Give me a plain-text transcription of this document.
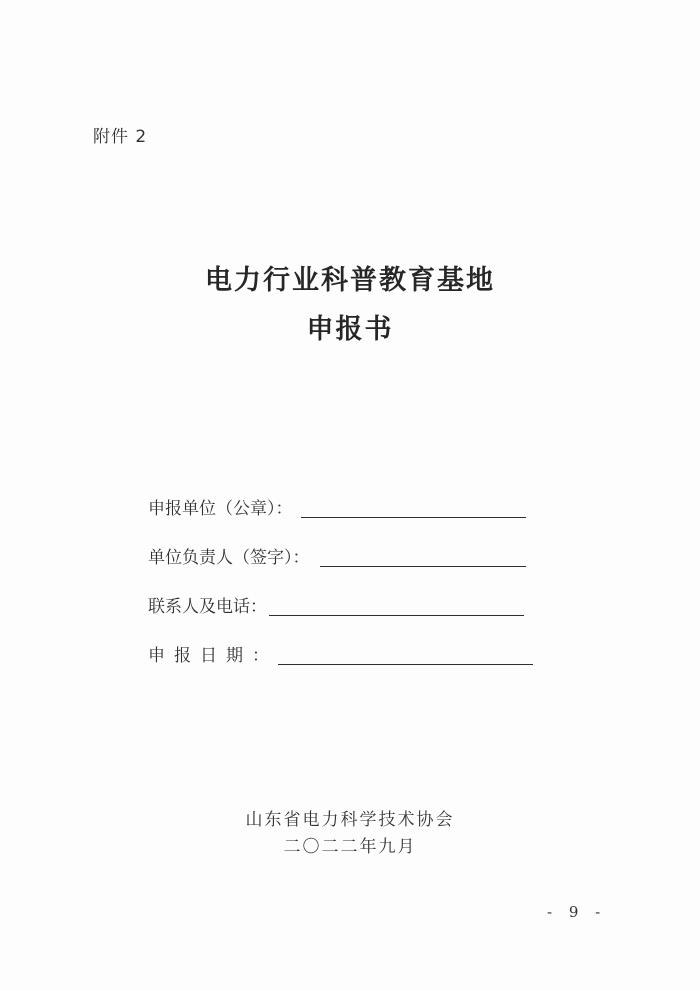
附件 2
电力行业科普教育基地
申报书
申报单位（公章）：
单位负责人（签字）：
联系人及电话：
申报日期：
山东省电力科学技术协会
二〇二二年九月
- 9 -
